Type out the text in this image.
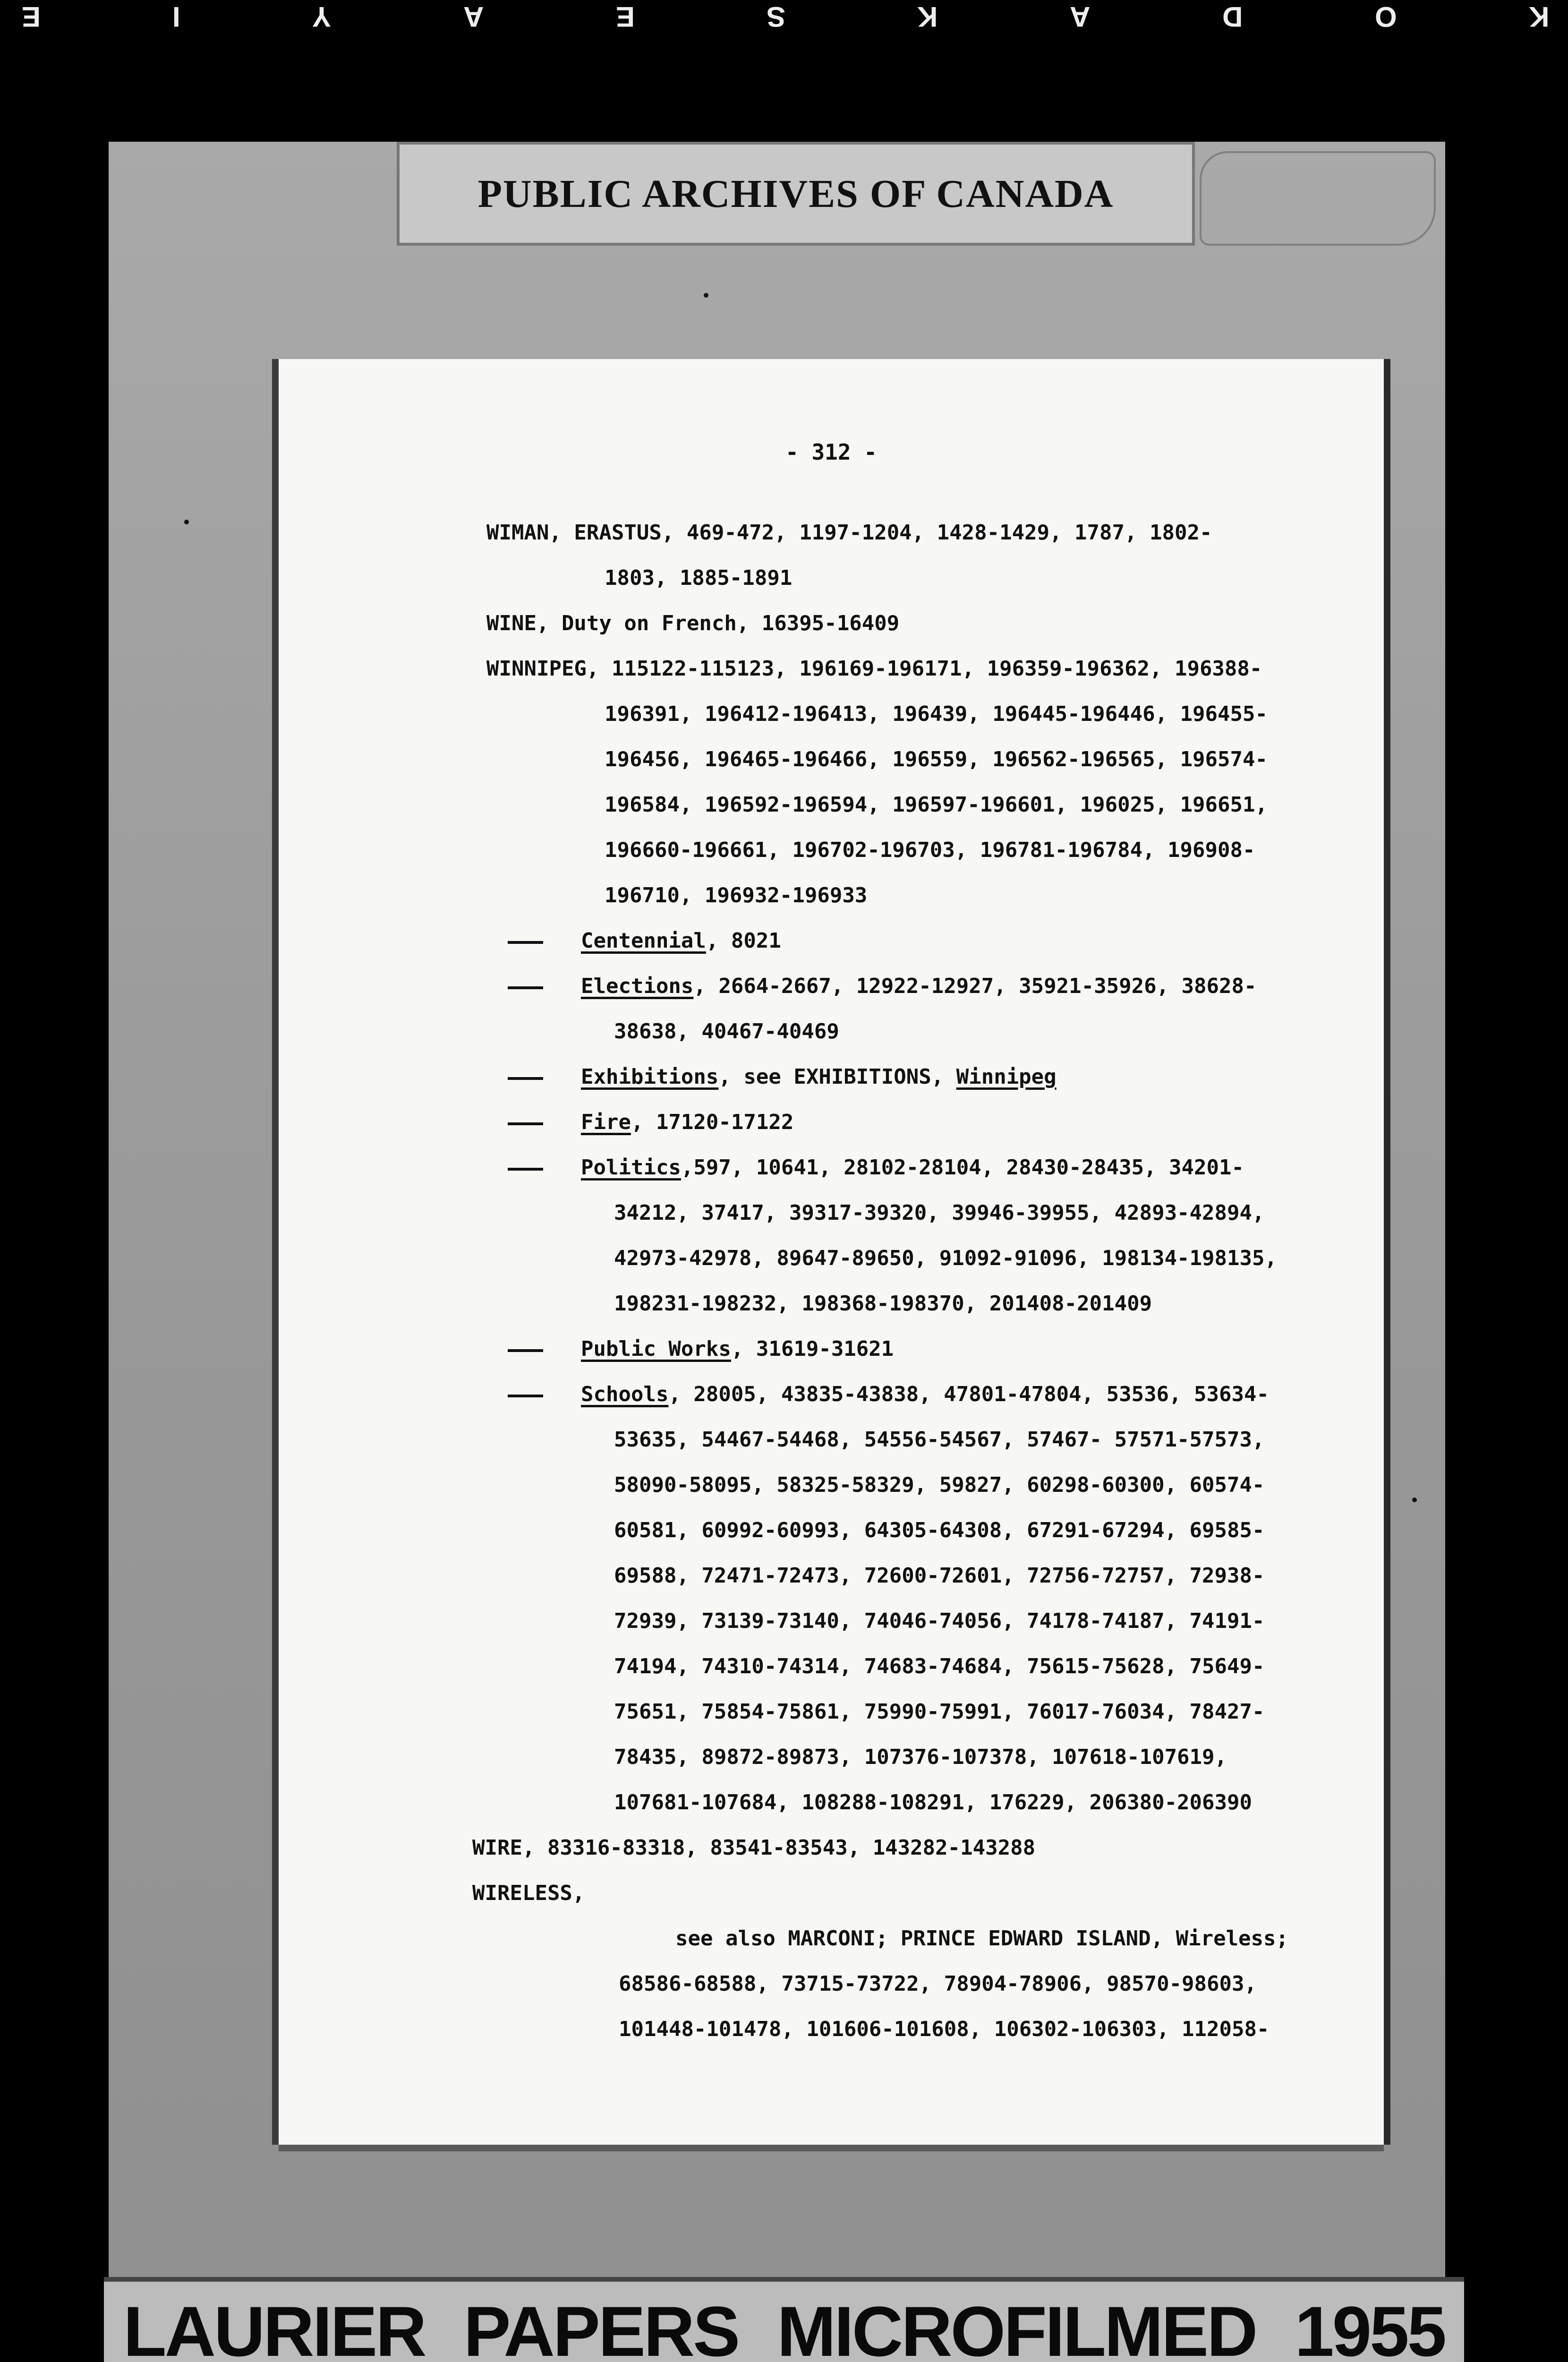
E	I	Y	A	E	S	K	A	D	O	K
PUBLIC ARCHIVES OF CANADA
- 312 -
WIMAN, ERASTUS, 469-472, 1197-1204, 1428-1429, 1787, 1802-
1803, 1885-1891
WINE, Duty on French, 16395-16409
WINNIPEG, 115122-115123, 196169-196171, 196359-196362, 196388-
196391, 196412-196413, 196439, 196445-196446, 196455-
196456, 196465-196466, 196559, 196562-196565, 196574-
196584, 196592-196594, 196597-196601, 196025, 196651,
196660-196661, 196702-196703, 196781-196784, 196908-
196710, 196932-196933
Centennial, 8021
Elections, 2664-2667, 12922-12927, 35921-35926, 38628-
38638, 40467-40469
Exhibitions, see EXHIBITIONS, Winnipeg
Fire, 17120-17122
Politics,597, 10641, 28102-28104, 28430-28435, 34201-
34212, 37417, 39317-39320, 39946-39955, 42893-42894,
42973-42978, 89647-89650, 91092-91096, 198134-198135,
198231-198232, 198368-198370, 201408-201409
Public Works, 31619-31621
Schools, 28005, 43835-43838, 47801-47804, 53536, 53634-
53635, 54467-54468, 54556-54567, 57467- 57571-57573,
58090-58095, 58325-58329, 59827, 60298-60300, 60574-
60581, 60992-60993, 64305-64308, 67291-67294, 69585-
69588, 72471-72473, 72600-72601, 72756-72757, 72938-
72939, 73139-73140, 74046-74056, 74178-74187, 74191-
74194, 74310-74314, 74683-74684, 75615-75628, 75649-
75651, 75854-75861, 75990-75991, 76017-76034, 78427-
78435, 89872-89873, 107376-107378, 107618-107619,
107681-107684, 108288-108291, 176229, 206380-206390
WIRE, 83316-83318, 83541-83543, 143282-143288
WIRELESS,
see also MARCONI; PRINCE EDWARD ISLAND, Wireless;
68586-68588, 73715-73722, 78904-78906, 98570-98603,
101448-101478, 101606-101608, 106302-106303, 112058-
LAURIER PAPERS MICROFILMED 1955
